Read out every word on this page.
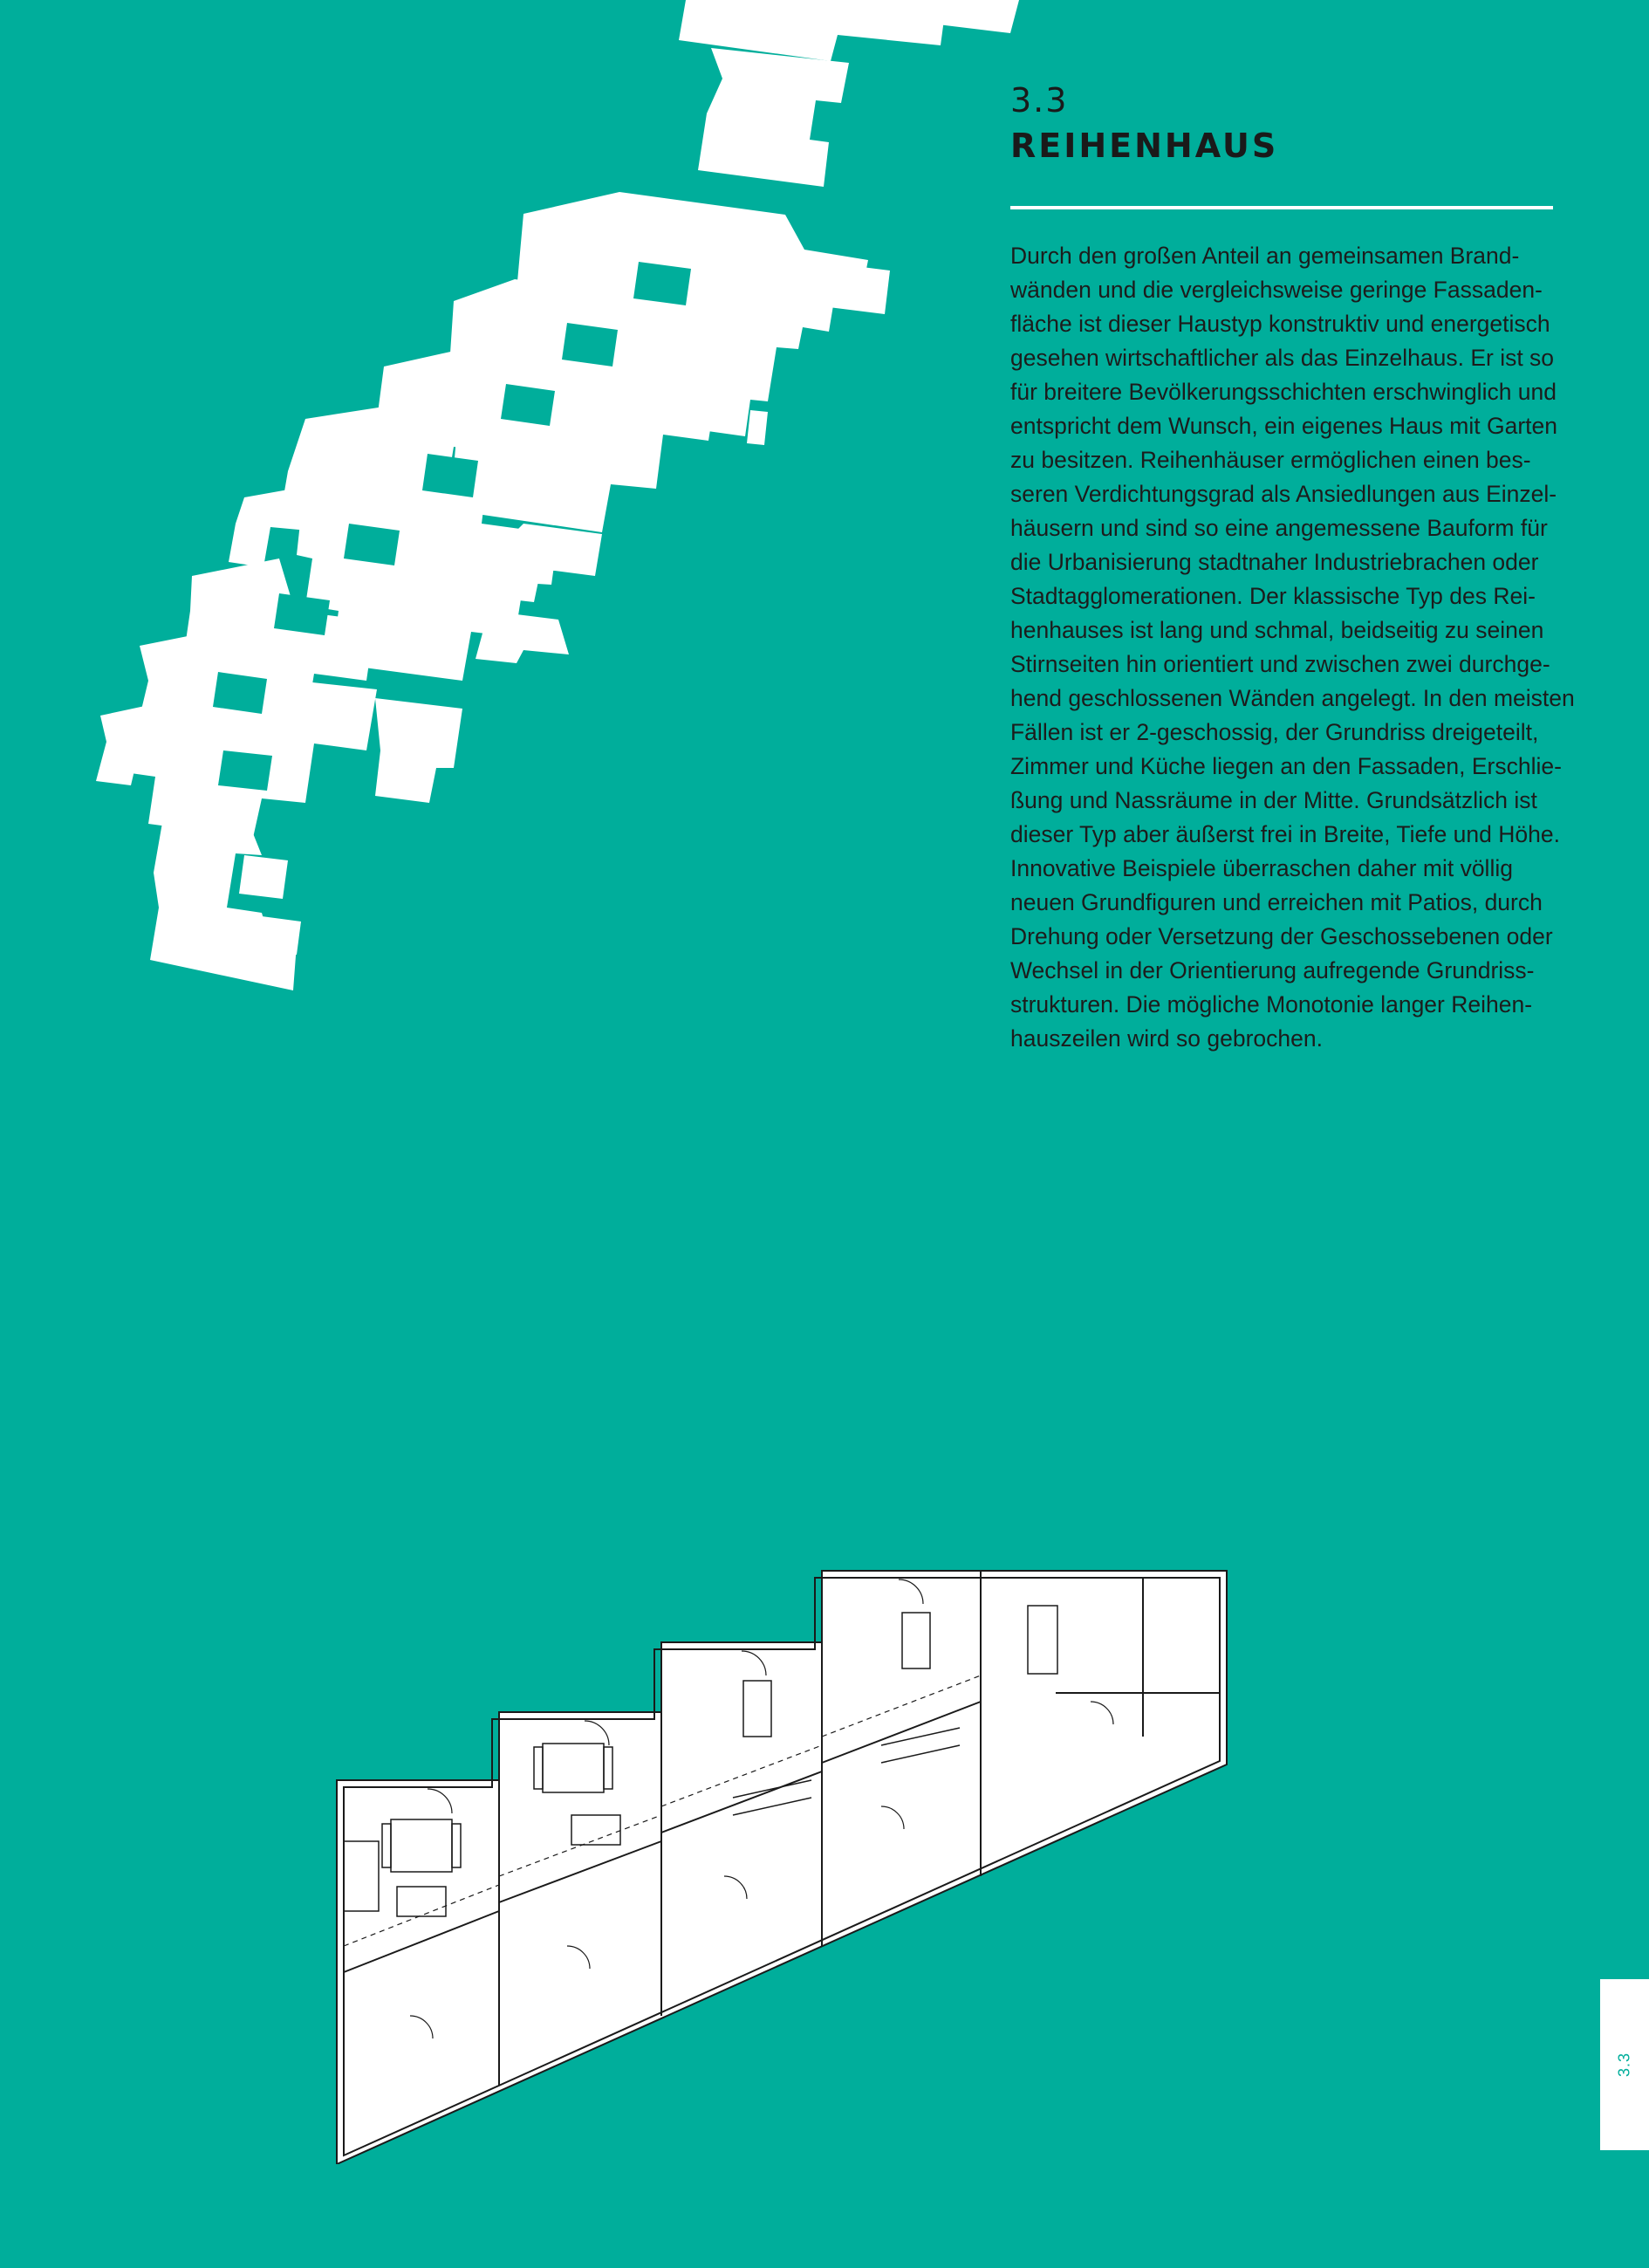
3.3
REIHENHAUS
Durch den großen Anteil an gemeinsamen Brand-
wänden und die vergleichsweise geringe Fassaden-
fläche ist dieser Haustyp konstruktiv und energetisch
gesehen wirtschaftlicher als das Einzelhaus. Er ist so
für breitere Bevölkerungsschichten erschwinglich und
entspricht dem Wunsch, ein eigenes Haus mit Garten
zu besitzen. Reihenhäuser ermöglichen einen bes-
seren Verdichtungsgrad als Ansiedlungen aus Einzel-
häusern und sind so eine angemessene Bauform für
die Urbanisierung stadtnaher Industriebrachen oder
Stadtagglomerationen. Der klassische Typ des Rei-
henhauses ist lang und schmal, beidseitig zu seinen
Stirnseiten hin orientiert und zwischen zwei durchge-
hend geschlossenen Wänden angelegt. In den meisten
Fällen ist er 2-geschossig, der Grundriss dreigeteilt,
Zimmer und Küche liegen an den Fassaden, Erschlie-
ßung und Nassräume in der Mitte. Grundsätzlich ist
dieser Typ aber äußerst frei in Breite, Tiefe und Höhe.
Innovative Beispiele überraschen daher mit völlig
neuen Grundfiguren und erreichen mit Patios, durch
Drehung oder Versetzung der Geschossebenen oder
Wechsel in der Orientierung aufregende Grundriss-
strukturen. Die mögliche Monotonie langer Reihen-
hauszeilen wird so gebrochen.
3.3
